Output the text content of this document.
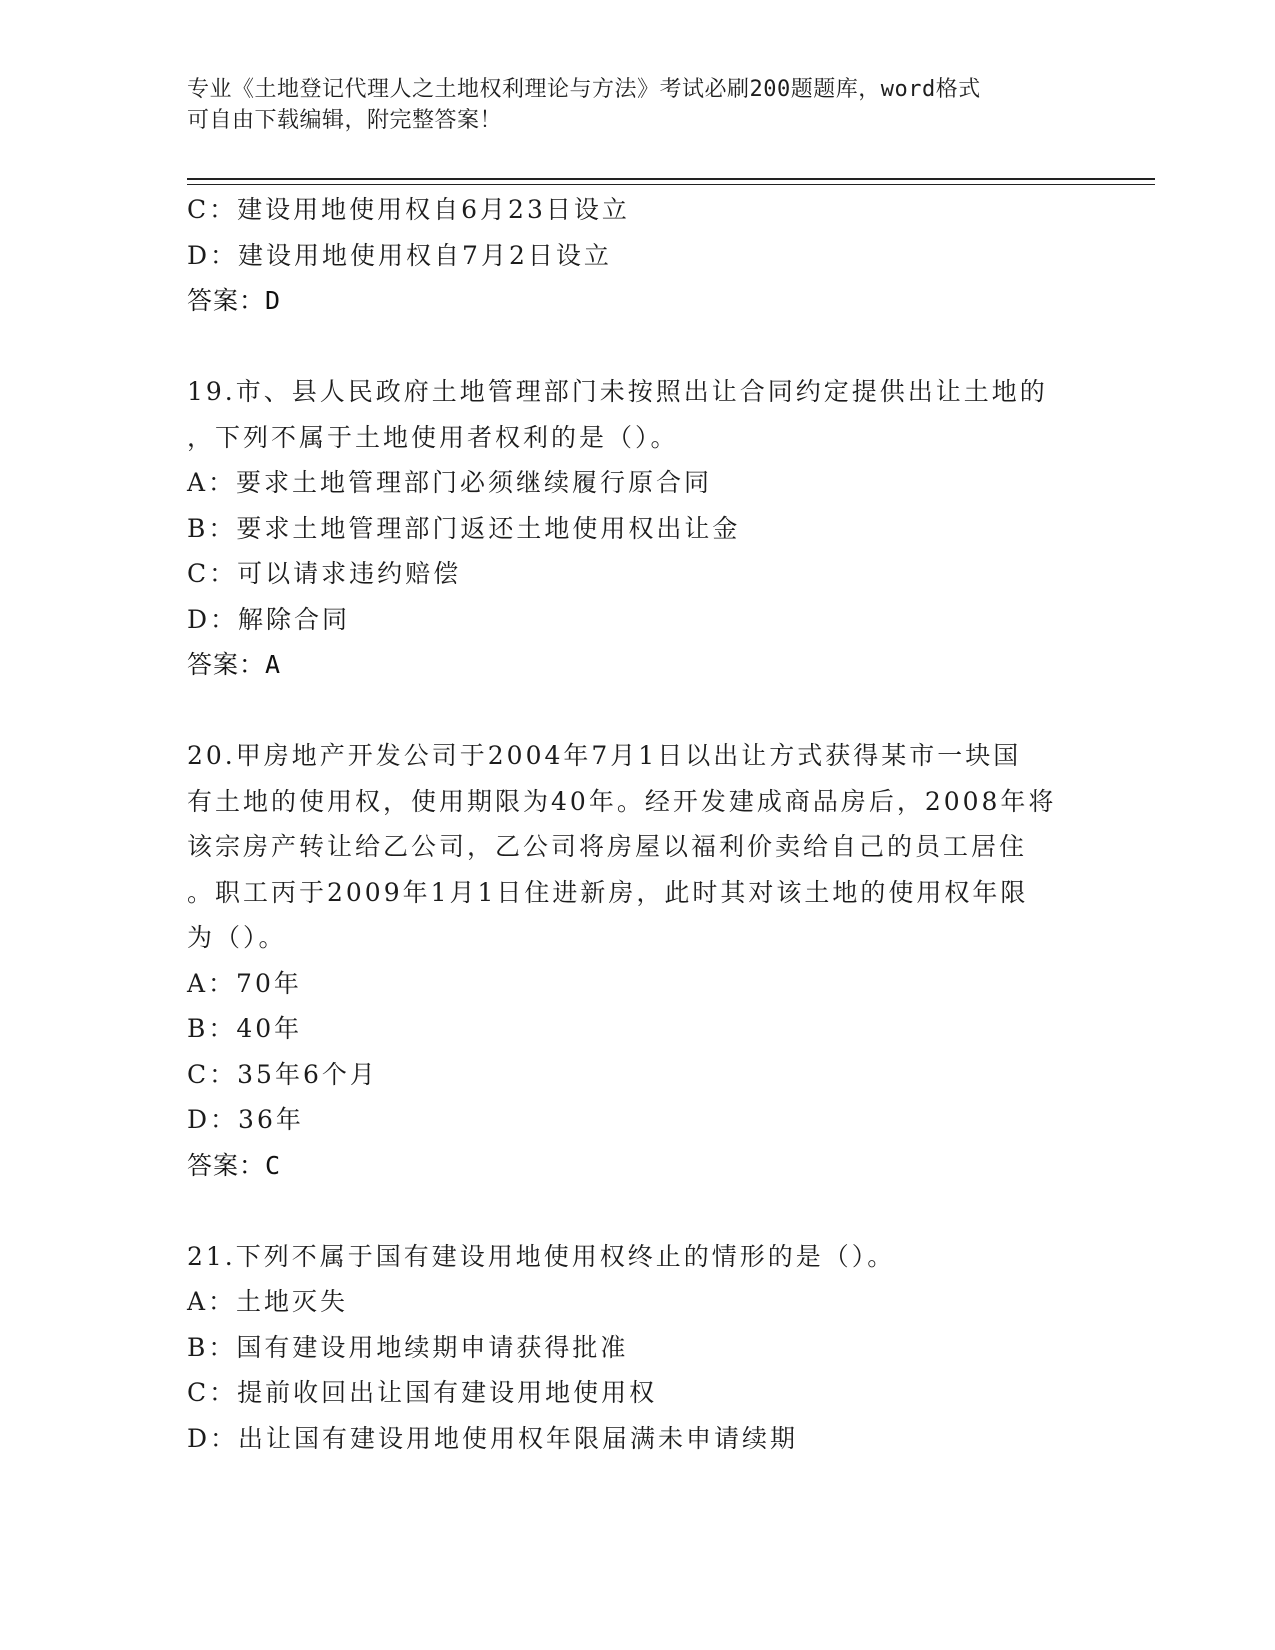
专业《土地登记代理人之土地权利理论与方法》考试必刷200题题库，word格式
可自由下载编辑，附完整答案！
C：建设用地使用权自6月23日设立
D：建设用地使用权自7月2日设立
答案：D
19.市、县人民政府土地管理部门未按照出让合同约定提供出让土地的
，下列不属于土地使用者权利的是（）。
A：要求土地管理部门必须继续履行原合同
B：要求土地管理部门返还土地使用权出让金
C：可以请求违约赔偿
D：解除合同
答案：A
20.甲房地产开发公司于2004年7月1日以出让方式获得某市一块国
有土地的使用权，使用期限为40年。经开发建成商品房后，2008年将
该宗房产转让给乙公司，乙公司将房屋以福利价卖给自己的员工居住
。职工丙于2009年1月1日住进新房，此时其对该土地的使用权年限
为（）。
A：70年
B：40年
C：35年6个月
D：36年
答案：C
21.下列不属于国有建设用地使用权终止的情形的是（）。
A：土地灭失
B：国有建设用地续期申请获得批准
C：提前收回出让国有建设用地使用权
D：出让国有建设用地使用权年限届满未申请续期
